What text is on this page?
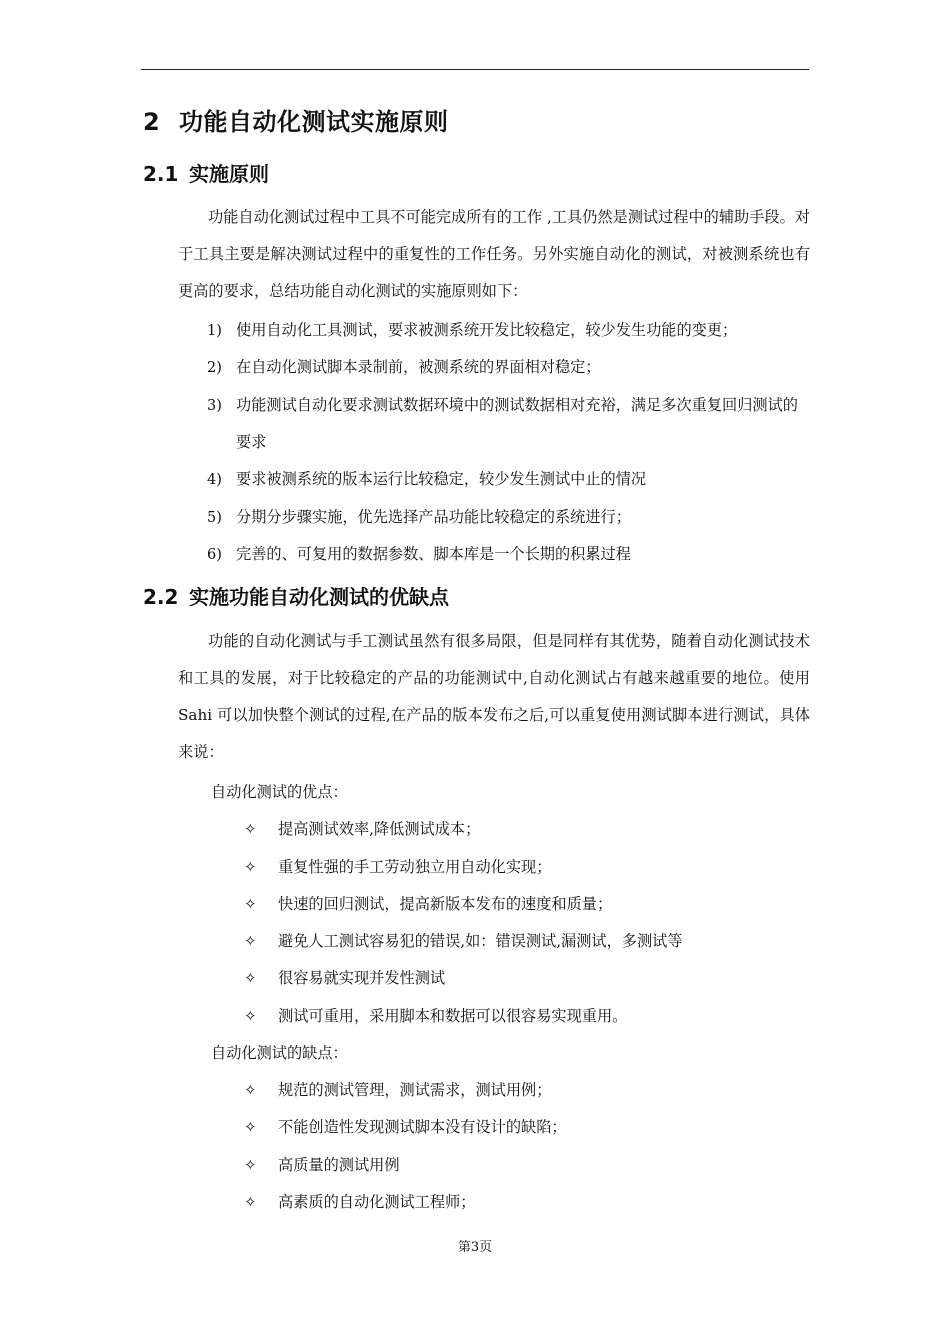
2 功能自动化测试实施原则
2.1 实施原则

功能自动化测试过程中工具不可能完成所有的工作 ,工具仍然是测试过程中的辅助手段。对于工具主要是解决测试过程中的重复性的工作任务。另外实施自动化的测试，对被测系统也有更高的要求，总结功能自动化测试的实施原则如下：

1) 使用自动化工具测试，要求被测系统开发比较稳定，较少发生功能的变更；

2) 在自动化测试脚本录制前，被测系统的界面相对稳定；

3) 功能测试自动化要求测试数据环境中的测试数据相对充裕，满足多次重复回归测试的要求

4) 要求被测系统的版本运行比较稳定，较少发生测试中止的情况

5) 分期分步骤实施，优先选择产品功能比较稳定的系统进行；

6) 完善的、可复用的数据参数、脚本库是一个长期的积累过程

2.2 实施功能自动化测试的优缺点

功能的自动化测试与手工测试虽然有很多局限，但是同样有其优势，随着自动化测试技术和工具的发展，对于比较稳定的产品的功能测试中,自动化测试占有越来越重要的地位。使用 Sahi 可以加快整个测试的过程,在产品的版本发布之后,可以重复使用测试脚本进行测试，具体来说：

自动化测试的优点：
✧ 提高测试效率,降低测试成本；
✧ 重复性强的手工劳动独立用自动化实现；
✧ 快速的回归测试，提高新版本发布的速度和质量；
✧ 避免人工测试容易犯的错误,如：错误测试,漏测试，多测试等
✧ 很容易就实现并发性测试
✧ 测试可重用，采用脚本和数据可以很容易实现重用。
自动化测试的缺点：
✧ 规范的测试管理，测试需求，测试用例；
✧ 不能创造性发现测试脚本没有设计的缺陷；
✧ 高质量的测试用例
✧ 高素质的自动化测试工程师；
第3页
